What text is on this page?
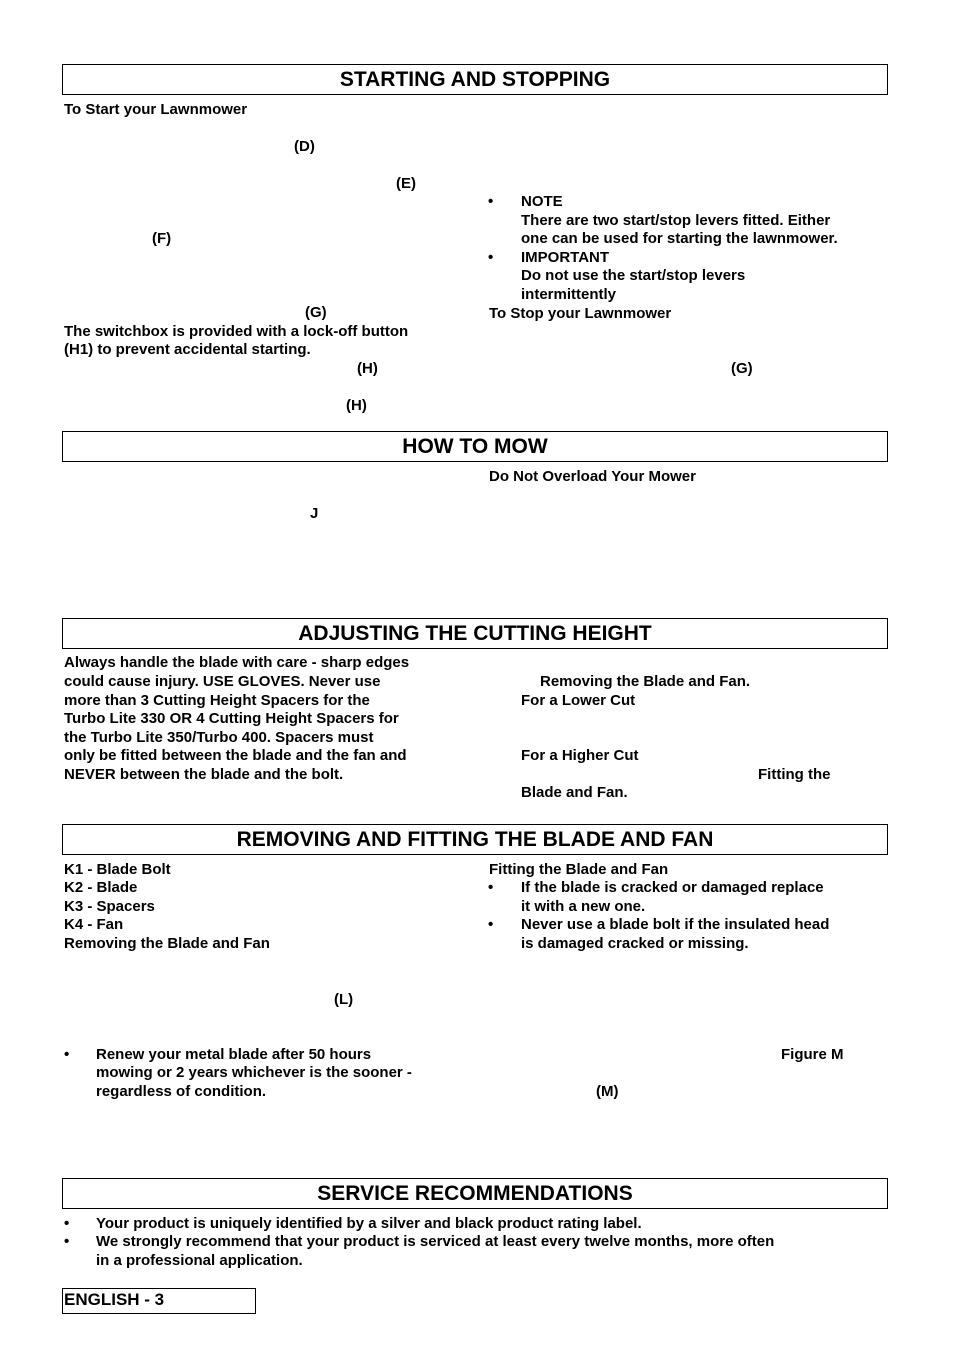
STARTING AND STOPPING
To Start your Lawnmower
(D)
(E)
(F)
(G)
The switchbox is provided with a lock-off button
(H1) to prevent accidental starting.
(H)
(H)
• NOTE
There are two start/stop levers fitted. Either
one can be used for starting the lawnmower.
• IMPORTANT
Do not use the start/stop levers
intermittently
To Stop your Lawnmower
(G)
HOW TO MOW
J
Do Not Overload Your Mower
ADJUSTING THE CUTTING HEIGHT
Always handle the blade with care - sharp edges
could cause injury. USE GLOVES. Never use
more than 3 Cutting Height Spacers for the
Turbo Lite 330 OR 4 Cutting Height Spacers for
the Turbo Lite 350/Turbo 400. Spacers must
only be fitted between the blade and the fan and
NEVER between the blade and the bolt.
Removing the Blade and Fan.
For a Lower Cut
For a Higher Cut
Fitting the
Blade and Fan.
REMOVING AND FITTING THE BLADE AND FAN
K1 - Blade Bolt
K2 - Blade
K3 - Spacers
K4 - Fan
Removing the Blade and Fan
(L)
• Renew your metal blade after 50 hours
mowing or 2 years whichever is the sooner -
regardless of condition.
Fitting the Blade and Fan
• If the blade is cracked or damaged replace
it with a new one.
• Never use a blade bolt if the insulated head
is damaged cracked or missing.
Figure M
(M)
SERVICE RECOMMENDATIONS
• Your product is uniquely identified by a silver and black product rating label.
• We strongly recommend that your product is serviced at least every twelve months, more often
in a professional application.
ENGLISH - 3
